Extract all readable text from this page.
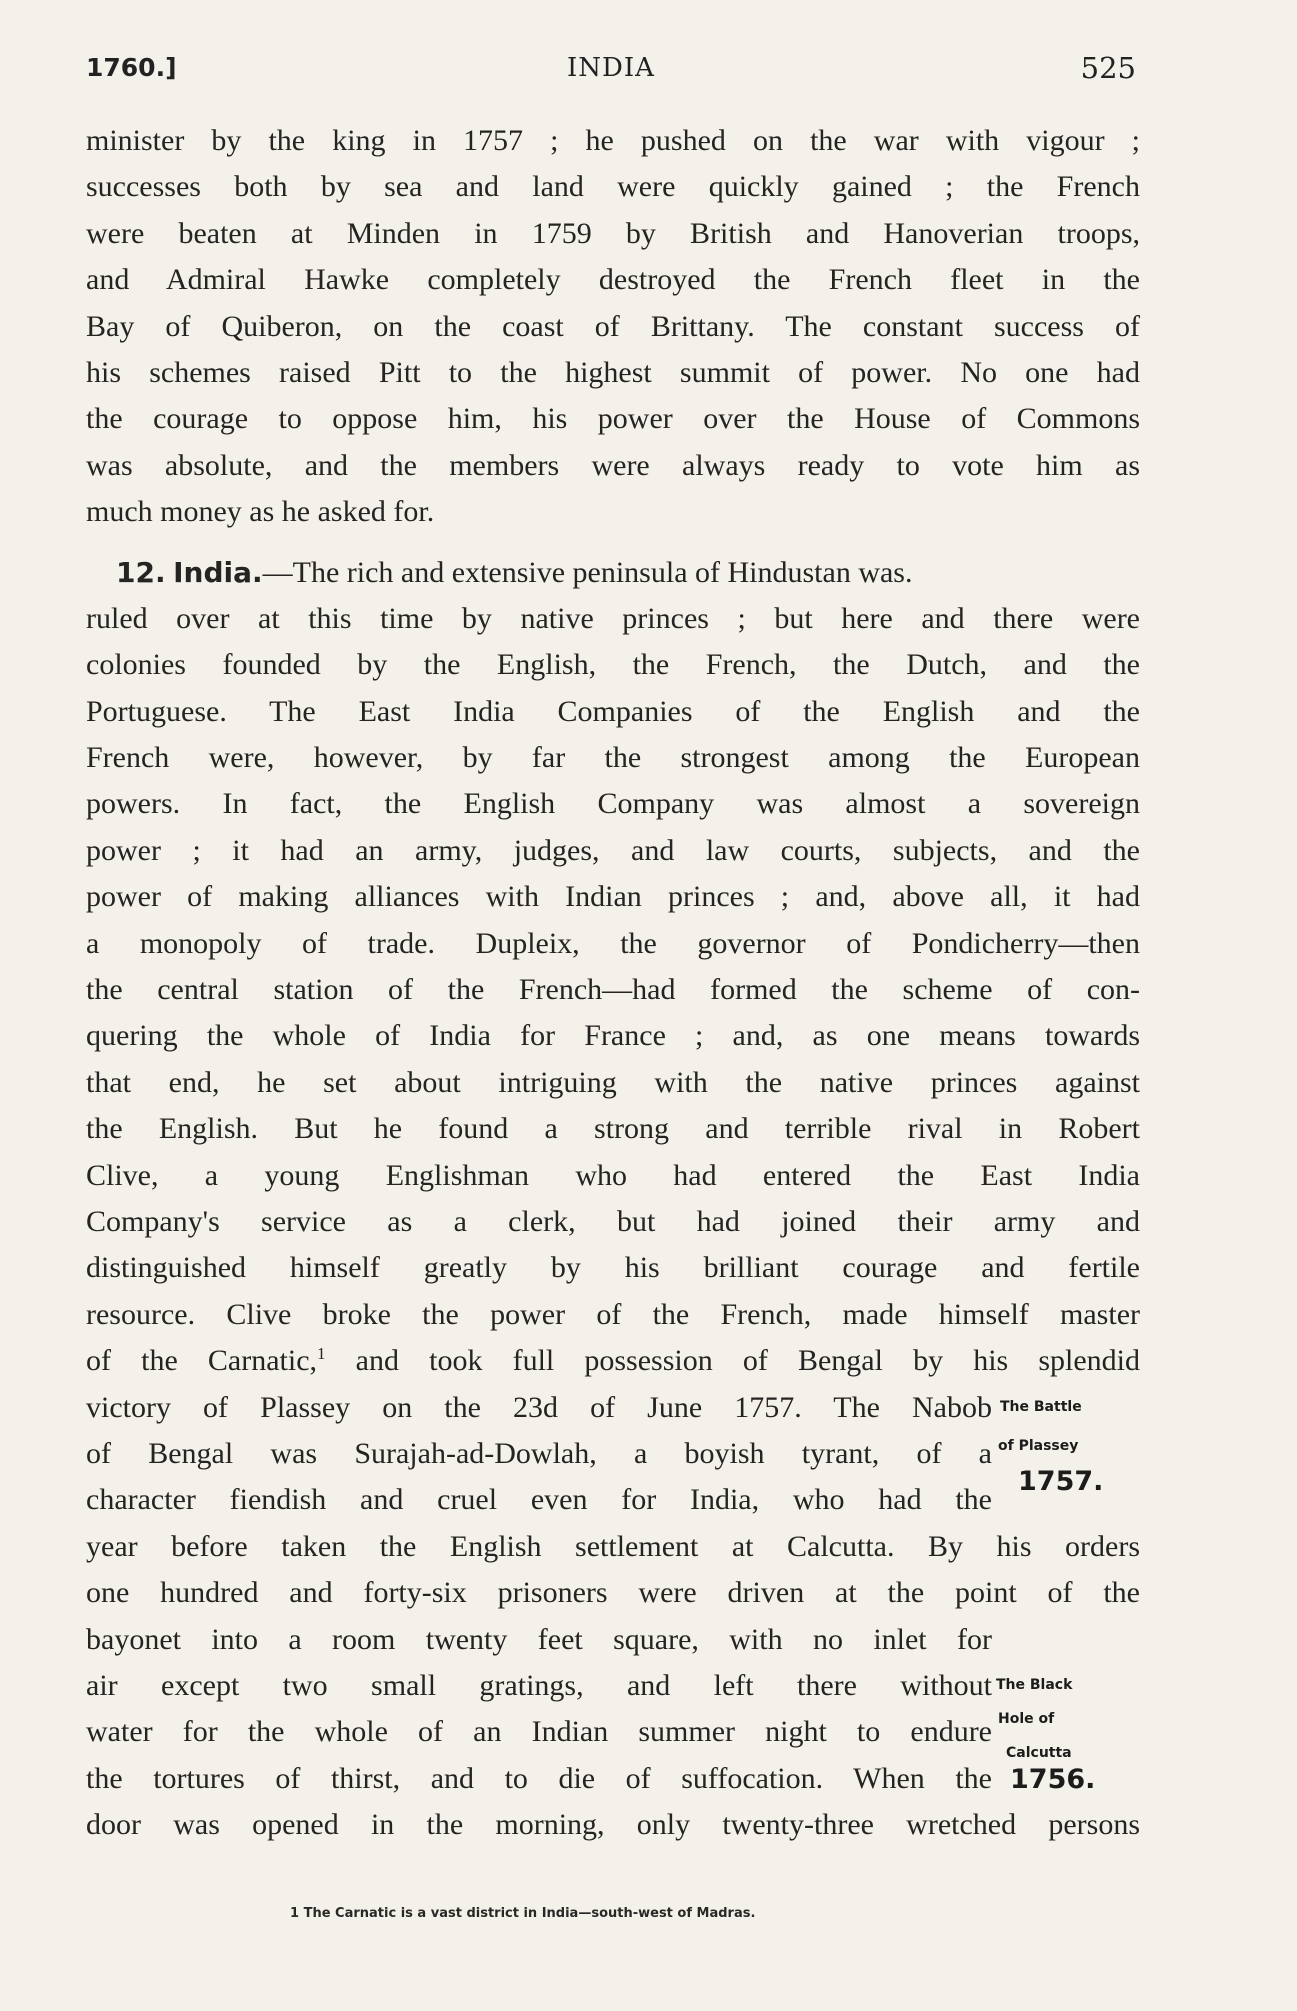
1760.]	INDIA	525
minister by the king in 1757 ; he pushed on the war with vigour ;
successes both by sea and land were quickly gained ; the French
were beaten at Minden in 1759 by British and Hanoverian troops,
and Admiral Hawke completely destroyed the French fleet in the
Bay of Quiberon, on the coast of Brittany. The constant success of
his schemes raised Pitt to the highest summit of power. No one had
the courage to oppose him, his power over the House of Commons
was absolute, and the members were always ready to vote him as
much money as he asked for.
12. India.—The rich and extensive peninsula of Hindustan was.
ruled over at this time by native princes ; but here and there were
colonies founded by the English, the French, the Dutch, and the
Portuguese. The East India Companies of the English and the
French were, however, by far the strongest among the European
powers. In fact, the English Company was almost a sovereign
power ; it had an army, judges, and law courts, subjects, and the
power of making alliances with Indian princes ; and, above all, it had
a monopoly of trade. Dupleix, the governor of Pondicherry—then
the central station of the French—had formed the scheme of con-
quering the whole of India for France ; and, as one means towards
that end, he set about intriguing with the native princes against
the English. But he found a strong and terrible rival in Robert
Clive, a young Englishman who had entered the East India
Company's service as a clerk, but had joined their army and
distinguished himself greatly by his brilliant courage and fertile
resource. Clive broke the power of the French, made himself master
of the Carnatic,$^1$ and took full possession of Bengal by his splendid
victory of Plassey on the 23d of June 1757. The Nabob
of Bengal was Surajah-ad-Dowlah, a boyish tyrant, of a
character fiendish and cruel even for India, who had the
year before taken the English settlement at Calcutta. By his orders
one hundred and forty-six prisoners were driven at the point of the
bayonet into a room twenty feet square, with no inlet for
air except two small gratings, and left there without
water for the whole of an Indian summer night to endure
the tortures of thirst, and to die of suffocation. When the
door was opened in the morning, only twenty-three wretched persons
The Battle
of Plassey
1757.
The Black
Hole of
Calcutta
1756.
1 The Carnatic is a vast district in India—south-west of Madras.
